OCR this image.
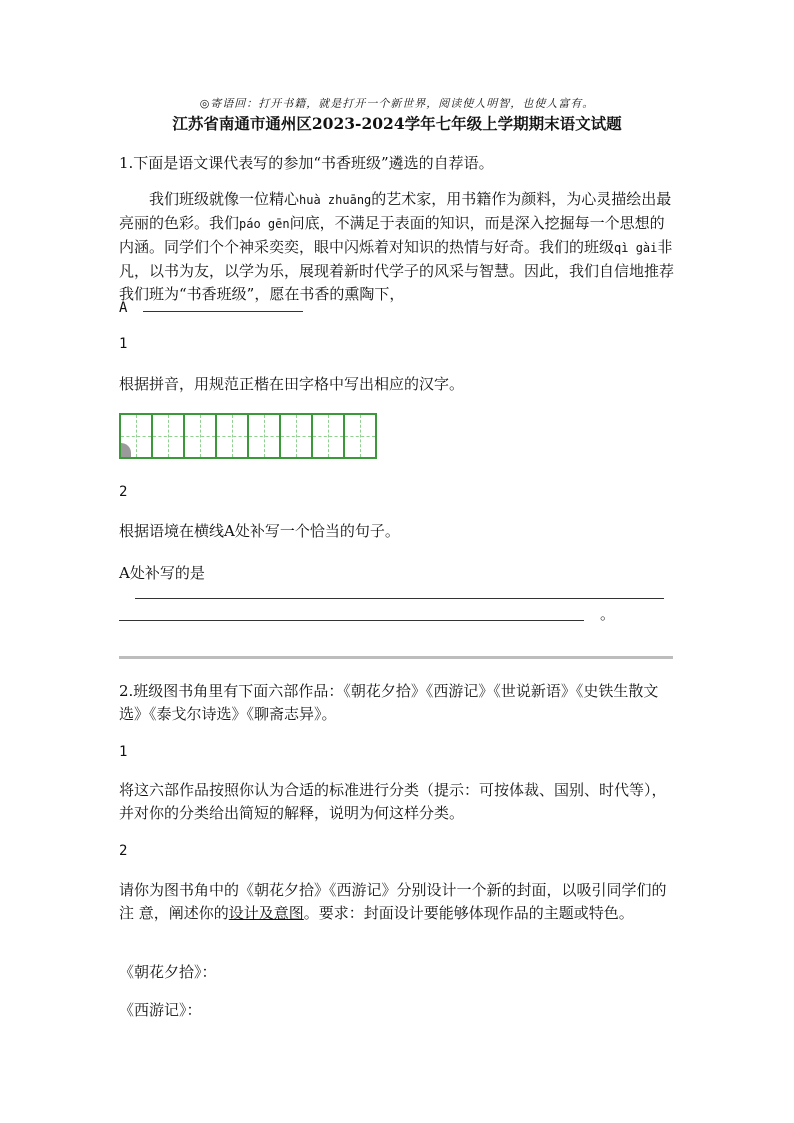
◎寄语回：打开书籍，就是打开一个新世界，阅读使人明智，也使人富有。
江苏省南通市通州区2023-2024学年七年级上学期期末语文试题
1.下面是语文课代表写的参加“书香班级”遴选的自荐语。
我们班级就像一位精心huà zhuāng的艺术家，用书籍作为颜料，为心灵描绘出最亮丽的色彩。我们páo gēn问底，不满足于表面的知识，而是深入挖掘每一个思想的内涵。同学们个个神采奕奕，眼中闪烁着对知识的热情与好奇。我们的班级qì gài非凡，以书为友，以学为乐，展现着新时代学子的风采与智慧。因此，我们自信地推荐我们班为“书香班级”，愿在书香的熏陶下，
A
1
根据拼音，用规范正楷在田字格中写出相应的汉字。
2
根据语境在横线A处补写一个恰当的句子。
A处补写的是
。
2.班级图书角里有下面六部作品：《朝花夕拾》《西游记》《世说新语》《史铁生散文选》《泰戈尔诗选》《聊斋志异》。
1
将这六部作品按照你认为合适的标准进行分类（提示：可按体裁、国别、时代等），并对你的分类给出简短的解释，说明为何这样分类。
2
请你为图书角中的《朝花夕拾》《西游记》分别设计一个新的封面，以吸引同学们的注 意，阐述你的设计及意图。要求：封面设计要能够体现作品的主题或特色。
《朝花夕拾》：
《西游记》：
